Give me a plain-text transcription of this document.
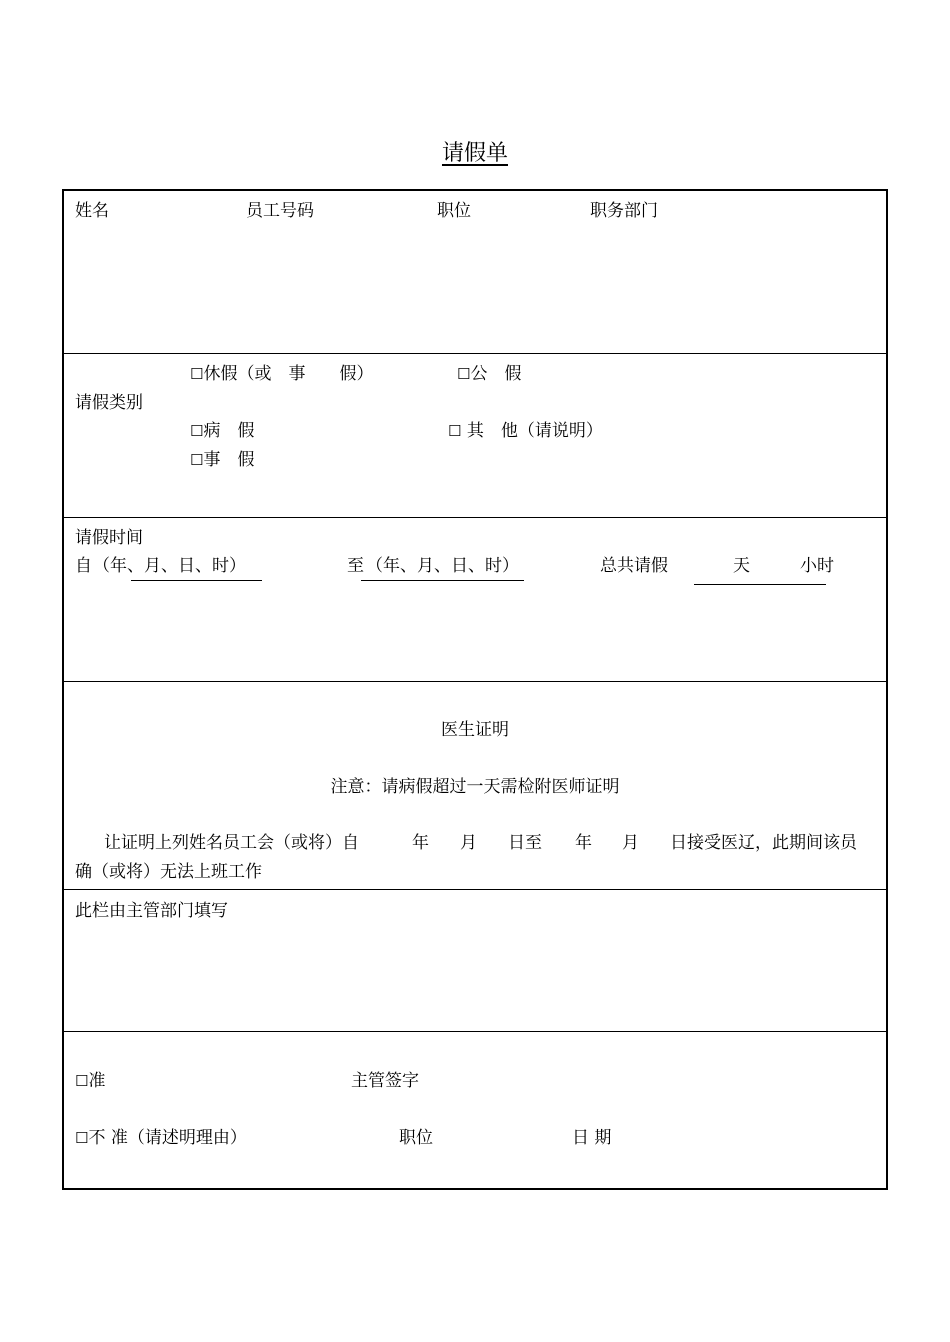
请假单
姓名	员工号码	职位	职务部门
请假类别
☐休假（或　事　　假）	☐公　假
☐病　假	☐ 其　他（请说明）
☐事　假
请假时间
自 （年、月、日、时）	至 （年、月、日、时）	总共请假	天	小时
医生证明
注意：请病假超过一天需检附医师证明
让证明上列姓名员工会（或将）自	年 月 日至 年 月 日接受医辽，此期间该员
确（或将）无法上班工作
此栏由主管部门填写
☐准	主管签字
☐不 准（请述明理由）	职位	日 期
